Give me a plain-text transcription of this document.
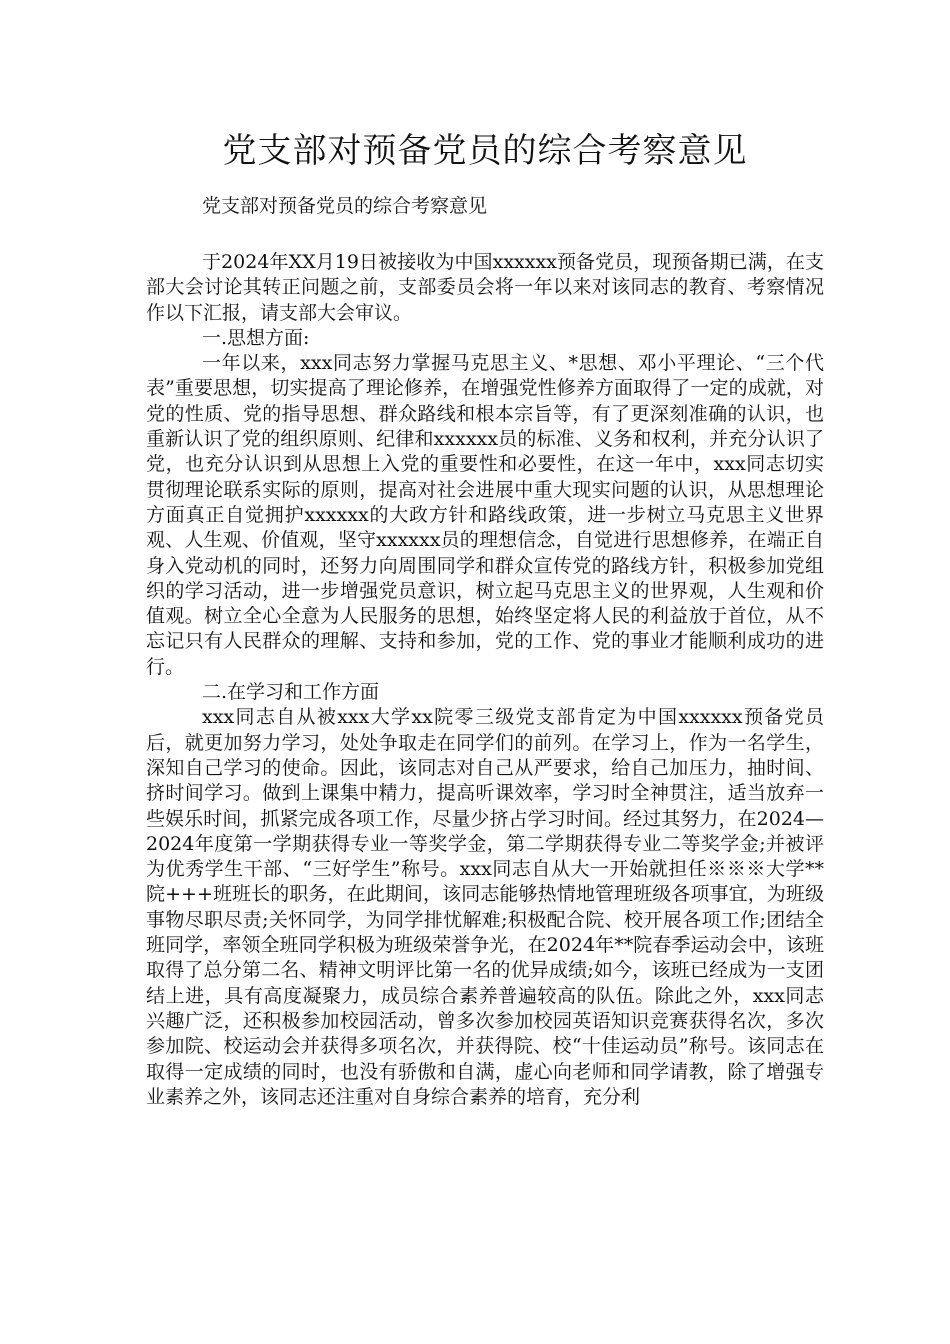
党支部对预备党员的综合考察意见
党支部对预备党员的综合考察意见

于2024年XX月19日被接收为中国xxxxxx预备党员，现预备期已满，在支部大会讨论其转正问题之前，支部委员会将一年以来对该同志的教育、考察情况作以下汇报，请支部大会审议。

一.思想方面:

一年以来，xxx同志努力掌握马克思主义、*思想、邓小平理论、“三个代表”重要思想，切实提高了理论修养，在增强党性修养方面取得了一定的成就，对党的性质、党的指导思想、群众路线和根本宗旨等，有了更深刻准确的认识，也重新认识了党的组织原则、纪律和xxxxxx员的标准、义务和权利，并充分认识了党，也充分认识到从思想上入党的重要性和必要性，在这一年中，xxx同志切实贯彻理论联系实际的原则，提高对社会进展中重大现实问题的认识，从思想理论方面真正自觉拥护xxxxxx的大政方针和路线政策，进一步树立马克思主义世界观、人生观、价值观，坚守xxxxxx员的理想信念，自觉进行思想修养，在端正自身入党动机的同时，还努力向周围同学和群众宣传党的路线方针，积极参加党组织的学习活动，进一步增强党员意识，树立起马克思主义的世界观，人生观和价值观。树立全心全意为人民服务的思想，始终坚定将人民的利益放于首位，从不忘记只有人民群众的理解、支持和参加，党的工作、党的事业才能顺利成功的进行。

二.在学习和工作方面

xxx同志自从被xxx大学xx院零三级党支部肯定为中国xxxxxx预备党员后，就更加努力学习，处处争取走在同学们的前列。在学习上，作为一名学生，深知自己学习的使命。因此，该同志对自己从严要求，给自己加压力，抽时间、挤时间学习。做到上课集中精力，提高听课效率，学习时全神贯注，适当放弃一些娱乐时间，抓紧完成各项工作，尽量少挤占学习时间。经过其努力，在2024—2024年度第一学期获得专业一等奖学金，第二学期获得专业二等奖学金;并被评为优秀学生干部、“三好学生”称号。xxx同志自从大一开始就担任※※※大学**院+++班班长的职务，在此期间，该同志能够热情地管理班级各项事宜，为班级事物尽职尽责;关怀同学，为同学排忧解难;积极配合院、校开展各项工作;团结全班同学，率领全班同学积极为班级荣誉争光，在2024年**院春季运动会中，该班取得了总分第二名、精神文明评比第一名的优异成绩;如今，该班已经成为一支团结上进，具有高度凝聚力，成员综合素养普遍较高的队伍。除此之外，xxx同志兴趣广泛，还积极参加校园活动，曾多次参加校园英语知识竞赛获得名次，多次参加院、校运动会并获得多项名次，并获得院、校“十佳运动员”称号。该同志在取得一定成绩的同时，也没有骄傲和自满，虚心向老师和同学请教，除了增强专业素养之外，该同志还注重对自身综合素养的培育，充分利
